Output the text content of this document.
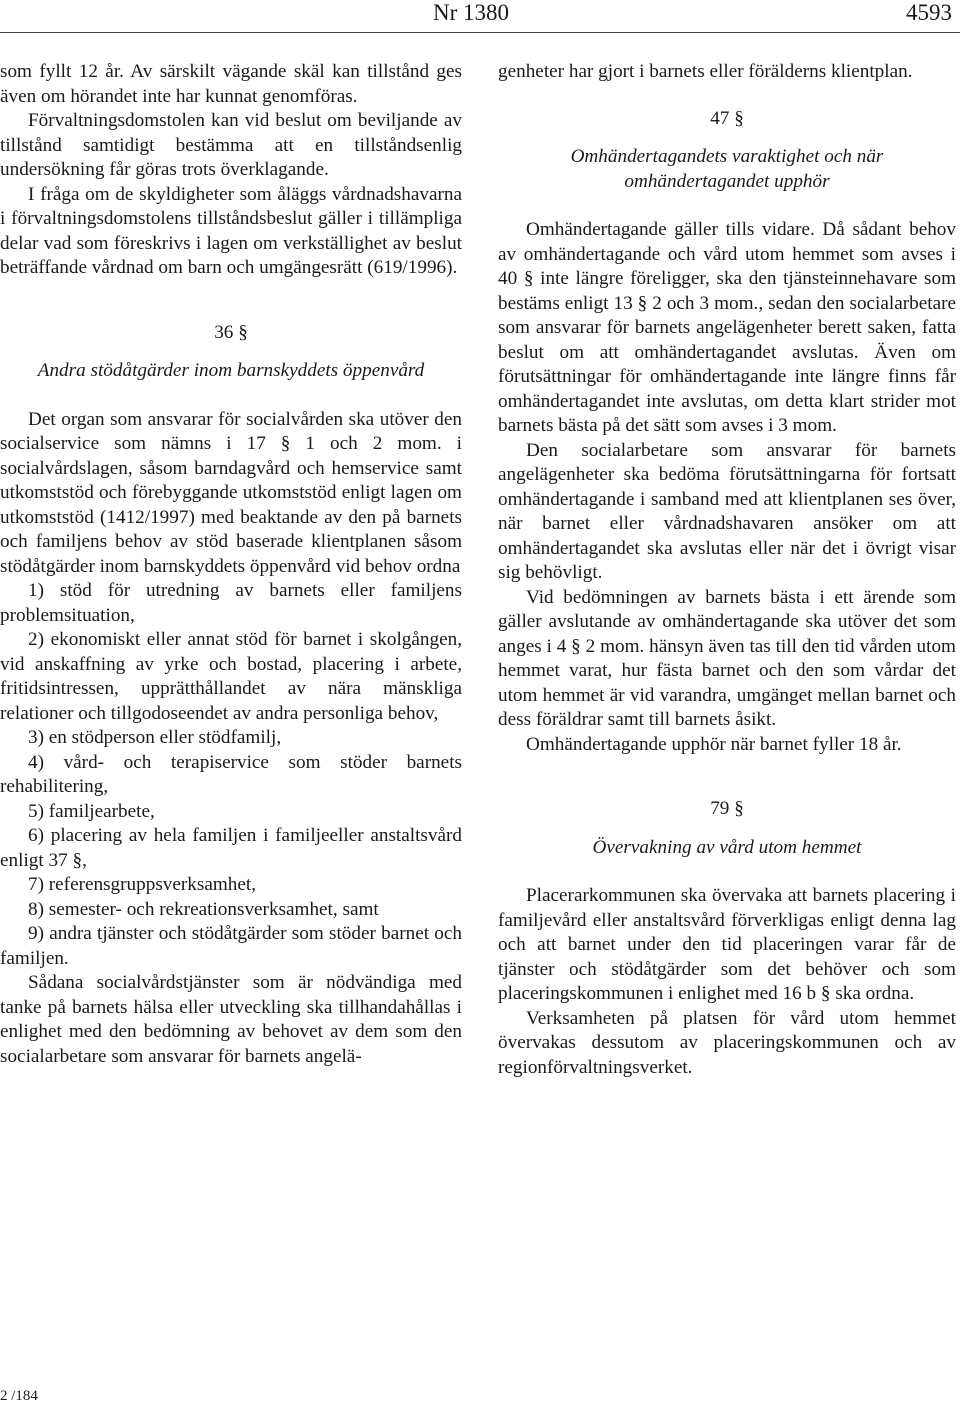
Nr 1380	4593

som fyllt 12 år. Av särskilt vägande skäl kan tillstånd ges även om hörandet inte har kunnat genomföras.

Förvaltningsdomstolen kan vid beslut om beviljande av tillstånd samtidigt bestämma att en tillståndsenlig undersökning får göras trots överklagande.

I fråga om de skyldigheter som åläggs vårdnadshavarna i förvaltningsdomstolens tillståndsbeslut gäller i tillämpliga delar vad som föreskrivs i lagen om verkställighet av beslut beträffande vårdnad om barn och umgängesrätt (619/1996).

36 §
Andra stödåtgärder inom barnskyddets öppenvård

Det organ som ansvarar för socialvården ska utöver den socialservice som nämns i 17 § 1 och 2 mom. i socialvårdslagen, såsom barndagvård och hemservice samt utkomststöd och förebyggande utkomststöd enligt lagen om utkomststöd (1412/1997) med beaktande av den på barnets och familjens behov av stöd baserade klientplanen såsom stödåtgärder inom barnskyddets öppenvård vid behov ordna

1) stöd för utredning av barnets eller familjens problemsituation,

2) ekonomiskt eller annat stöd för barnet i skolgången, vid anskaffning av yrke och bostad, placering i arbete, fritidsintressen, upprätthållandet av nära mänskliga relationer och tillgodoseendet av andra personliga behov,

3) en stödperson eller stödfamilj,

4) vård- och terapiservice som stöder barnets rehabilitering,

5) familjearbete,

6) placering av hela familjen i familjeeller anstaltsvård enligt 37 §,

7) referensgruppsverksamhet,

8) semester- och rekreationsverksamhet, samt

9) andra tjänster och stödåtgärder som stöder barnet och familjen.

Sådana socialvårdstjänster som är nödvändiga med tanke på barnets hälsa eller utveckling ska tillhandahållas i enlighet med den bedömning av behovet av dem som den socialarbetare som ansvarar för barnets angelä-

genheter har gjort i barnets eller förälderns klientplan.

47 §
Omhändertagandets varaktighet och när omhändertagandet upphör

Omhändertagande gäller tills vidare. Då sådant behov av omhändertagande och vård utom hemmet som avses i 40 § inte längre föreligger, ska den tjänsteinnehavare som bestäms enligt 13 § 2 och 3 mom., sedan den socialarbetare som ansvarar för barnets angelägenheter berett saken, fatta beslut om att omhändertagandet avslutas. Även om förutsättningar för omhändertagande inte längre finns får omhändertagandet inte avslutas, om detta klart strider mot barnets bästa på det sätt som avses i 3 mom.

Den socialarbetare som ansvarar för barnets angelägenheter ska bedöma förutsättningarna för fortsatt omhändertagande i samband med att klientplanen ses över, när barnet eller vårdnadshavaren ansöker om att omhändertagandet ska avslutas eller när det i övrigt visar sig behövligt.

Vid bedömningen av barnets bästa i ett ärende som gäller avslutande av omhändertagande ska utöver det som anges i 4 § 2 mom. hänsyn även tas till den tid vården utom hemmet varat, hur fästa barnet och den som vårdar det utom hemmet är vid varandra, umgänget mellan barnet och dess föräldrar samt till barnets åsikt.

Omhändertagande upphör när barnet fyller 18 år.

79 §
Övervakning av vård utom hemmet

Placerarkommunen ska övervaka att barnets placering i familjevård eller anstaltsvård förverkligas enligt denna lag och att barnet under den tid placeringen varar får de tjänster och stödåtgärder som det behöver och som placeringskommunen i enlighet med 16 b § ska ordna.

Verksamheten på platsen för vård utom hemmet övervakas dessutom av placeringskommunen och av regionförvaltningsverket.

2 /184
